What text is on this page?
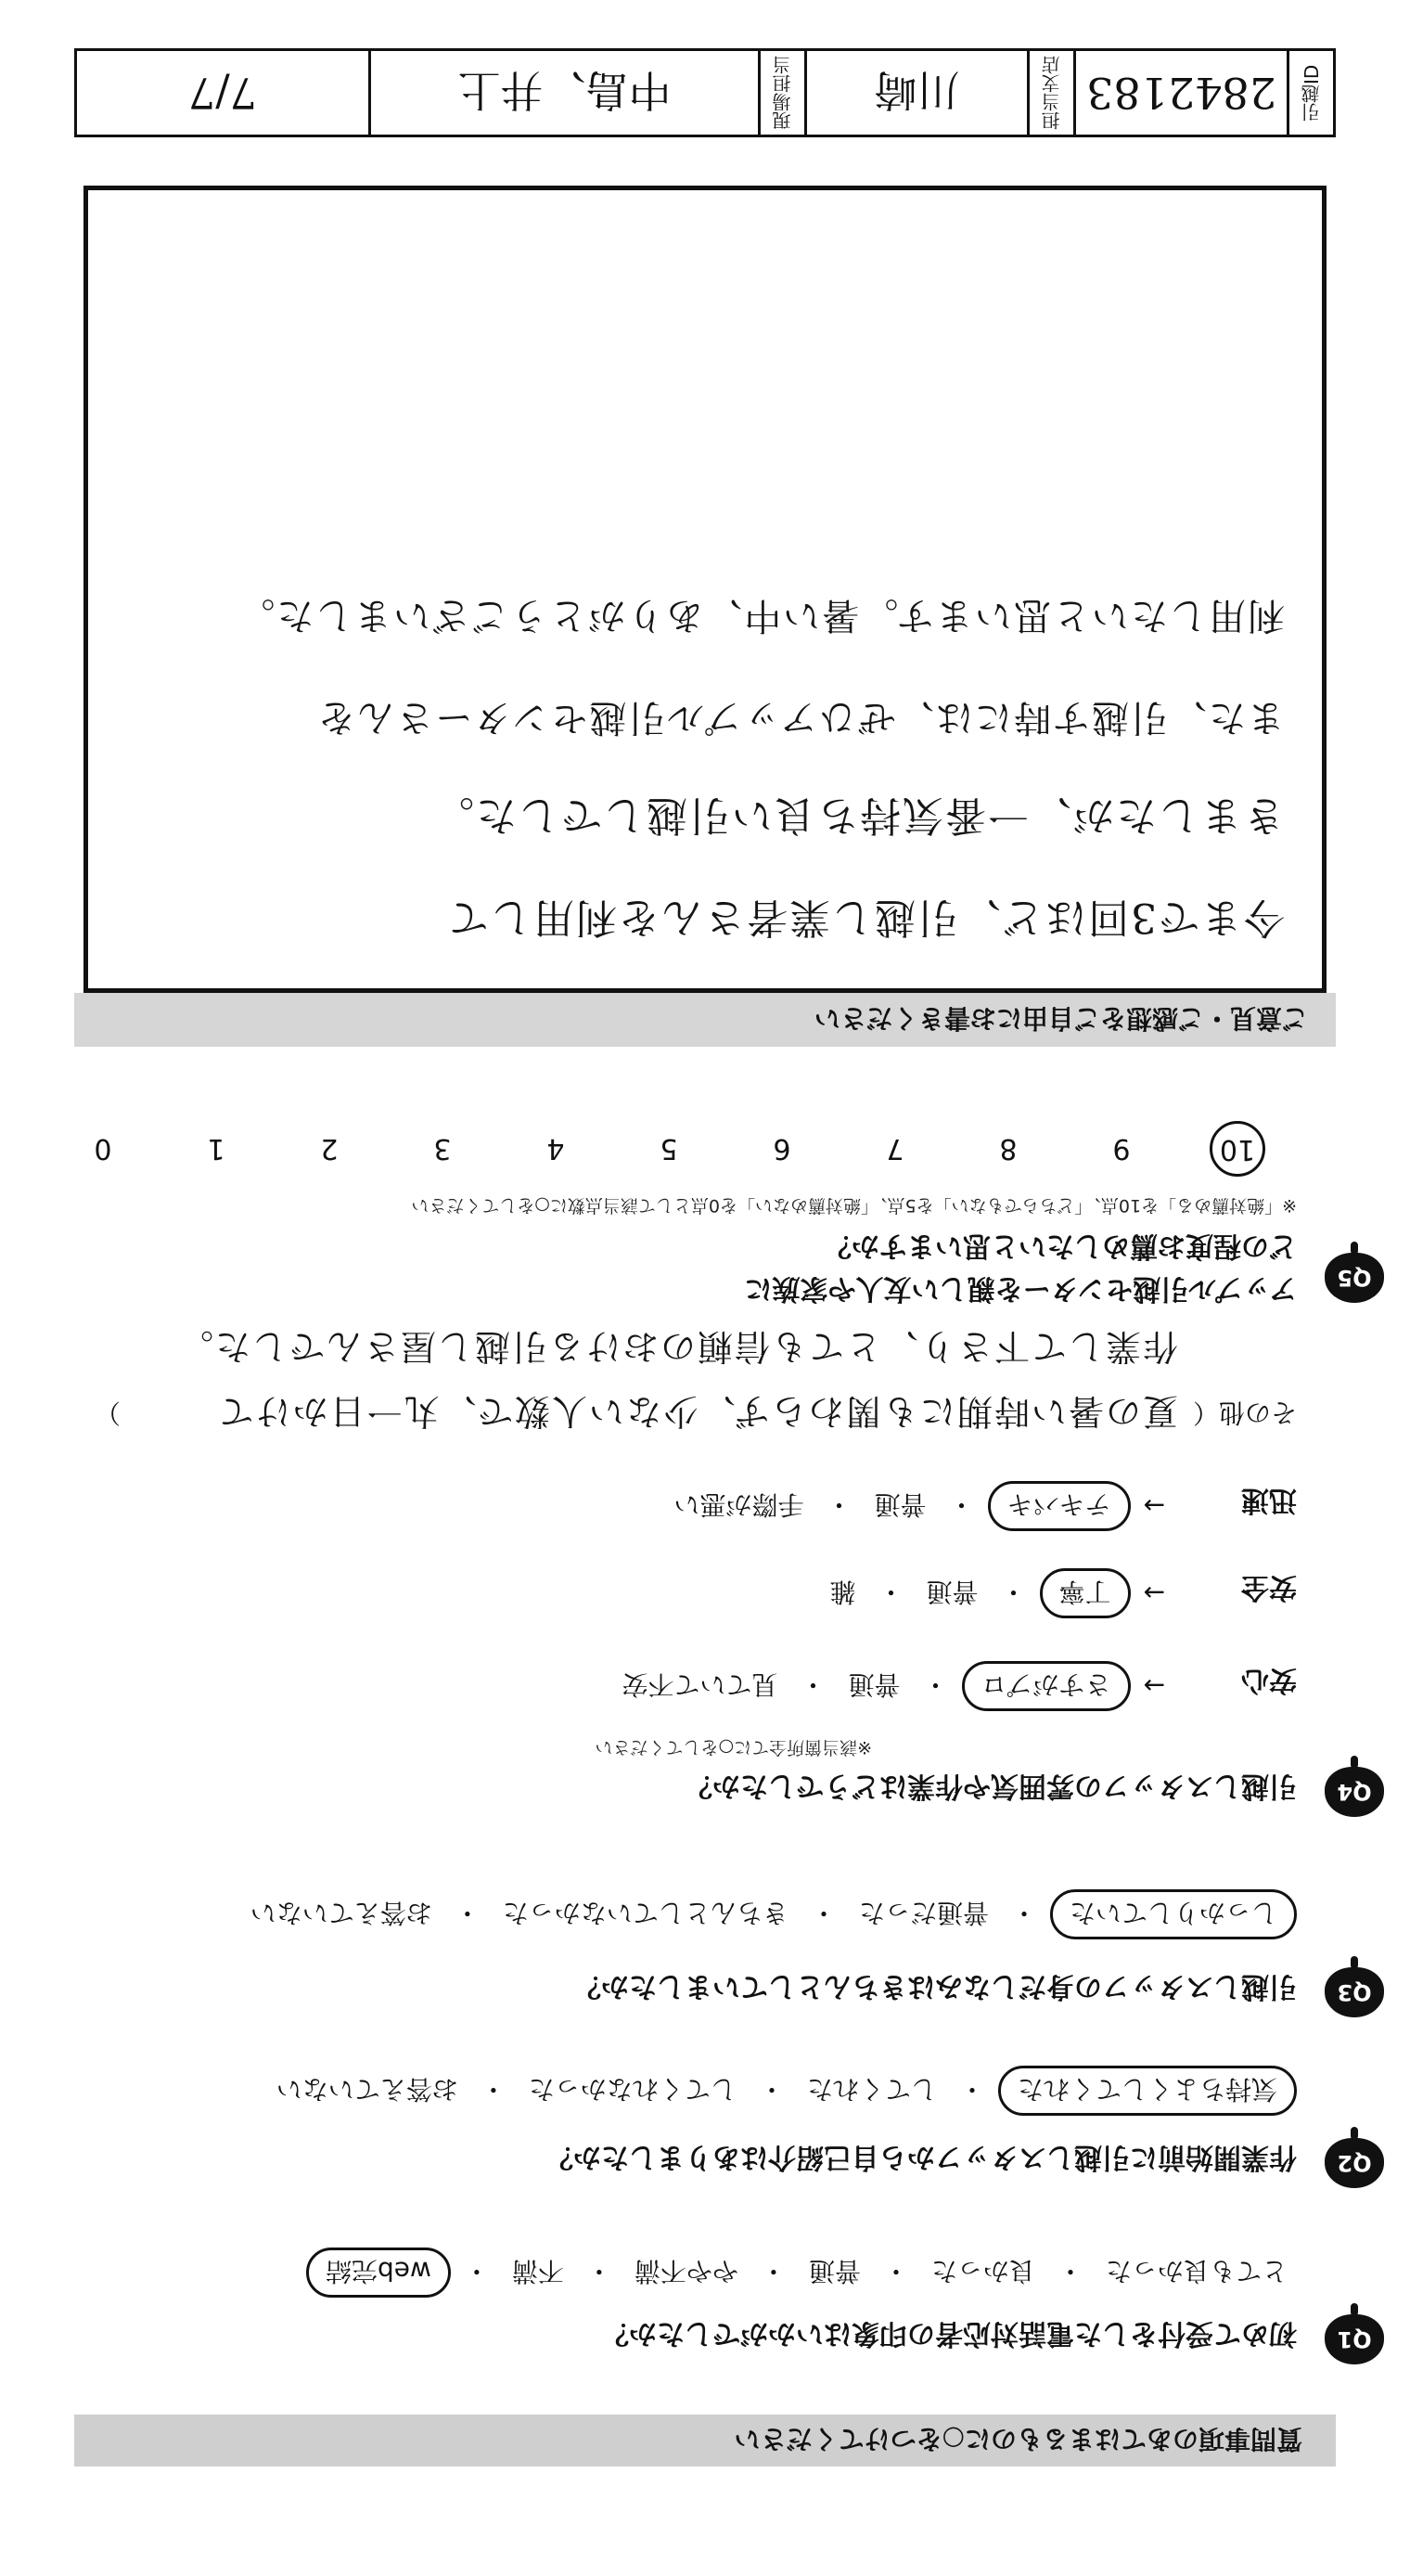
質問事項のあてはまるものに○をつけてください
Q1
初めて受付をした電話対応者の印象はいかがでしたか？
とても良かった
・
良かった
・
普通
・
やや不満
・
不満
・
web完結
Q2
作業開始前に引越しスタッフから自己紹介はありましたか？
気持ちよくしてくれた
・
してくれた
・
してくれなかった
・
お答えていない
Q3
引越しスタッフの身だしなみはきちんとしていましたか？
しっかりしていた
・
普通だった
・
きちんとしていなかった
・
お答えていない
Q4
引越しスタッフの雰囲気や作業はどうでしたか？
※該当箇所全てに○をしてください
安心
→
さすがプロ
・
普通
・
見ていて不安
安全
→
丁寧
・
普通
・
雑
迅速
→
テキパキ
・
普通
・
手際が悪い
その他（
）	夏の暑い時期にも関わらず、少ない人数で、丸一日かけて
作業して下さり、とても信頼のおける引越し屋さんでした。
Q5
アップル引越センターを親しい友人や家族に
どの程度お薦めしたいと思いますか？
※「絶対薦める」を10点、「どちらでもない」を5点、「絶対薦めない」を0点として該当点数に○をしてください
10
9
8
7
6
5
4
3
2
1
0
ご意見・ご感想をご自由にお書きください
今まで3回ほど、引越し業者さんを利用して
きましたが、一番気持ち良い引越しでした。
また、引越す時には、ぜひアップル引越センターさんを
利用したいと思います。暑い中、ありがとうございました。
引越ID
2842183
担当支店
川崎
現場担当
中島、井上
7/7
